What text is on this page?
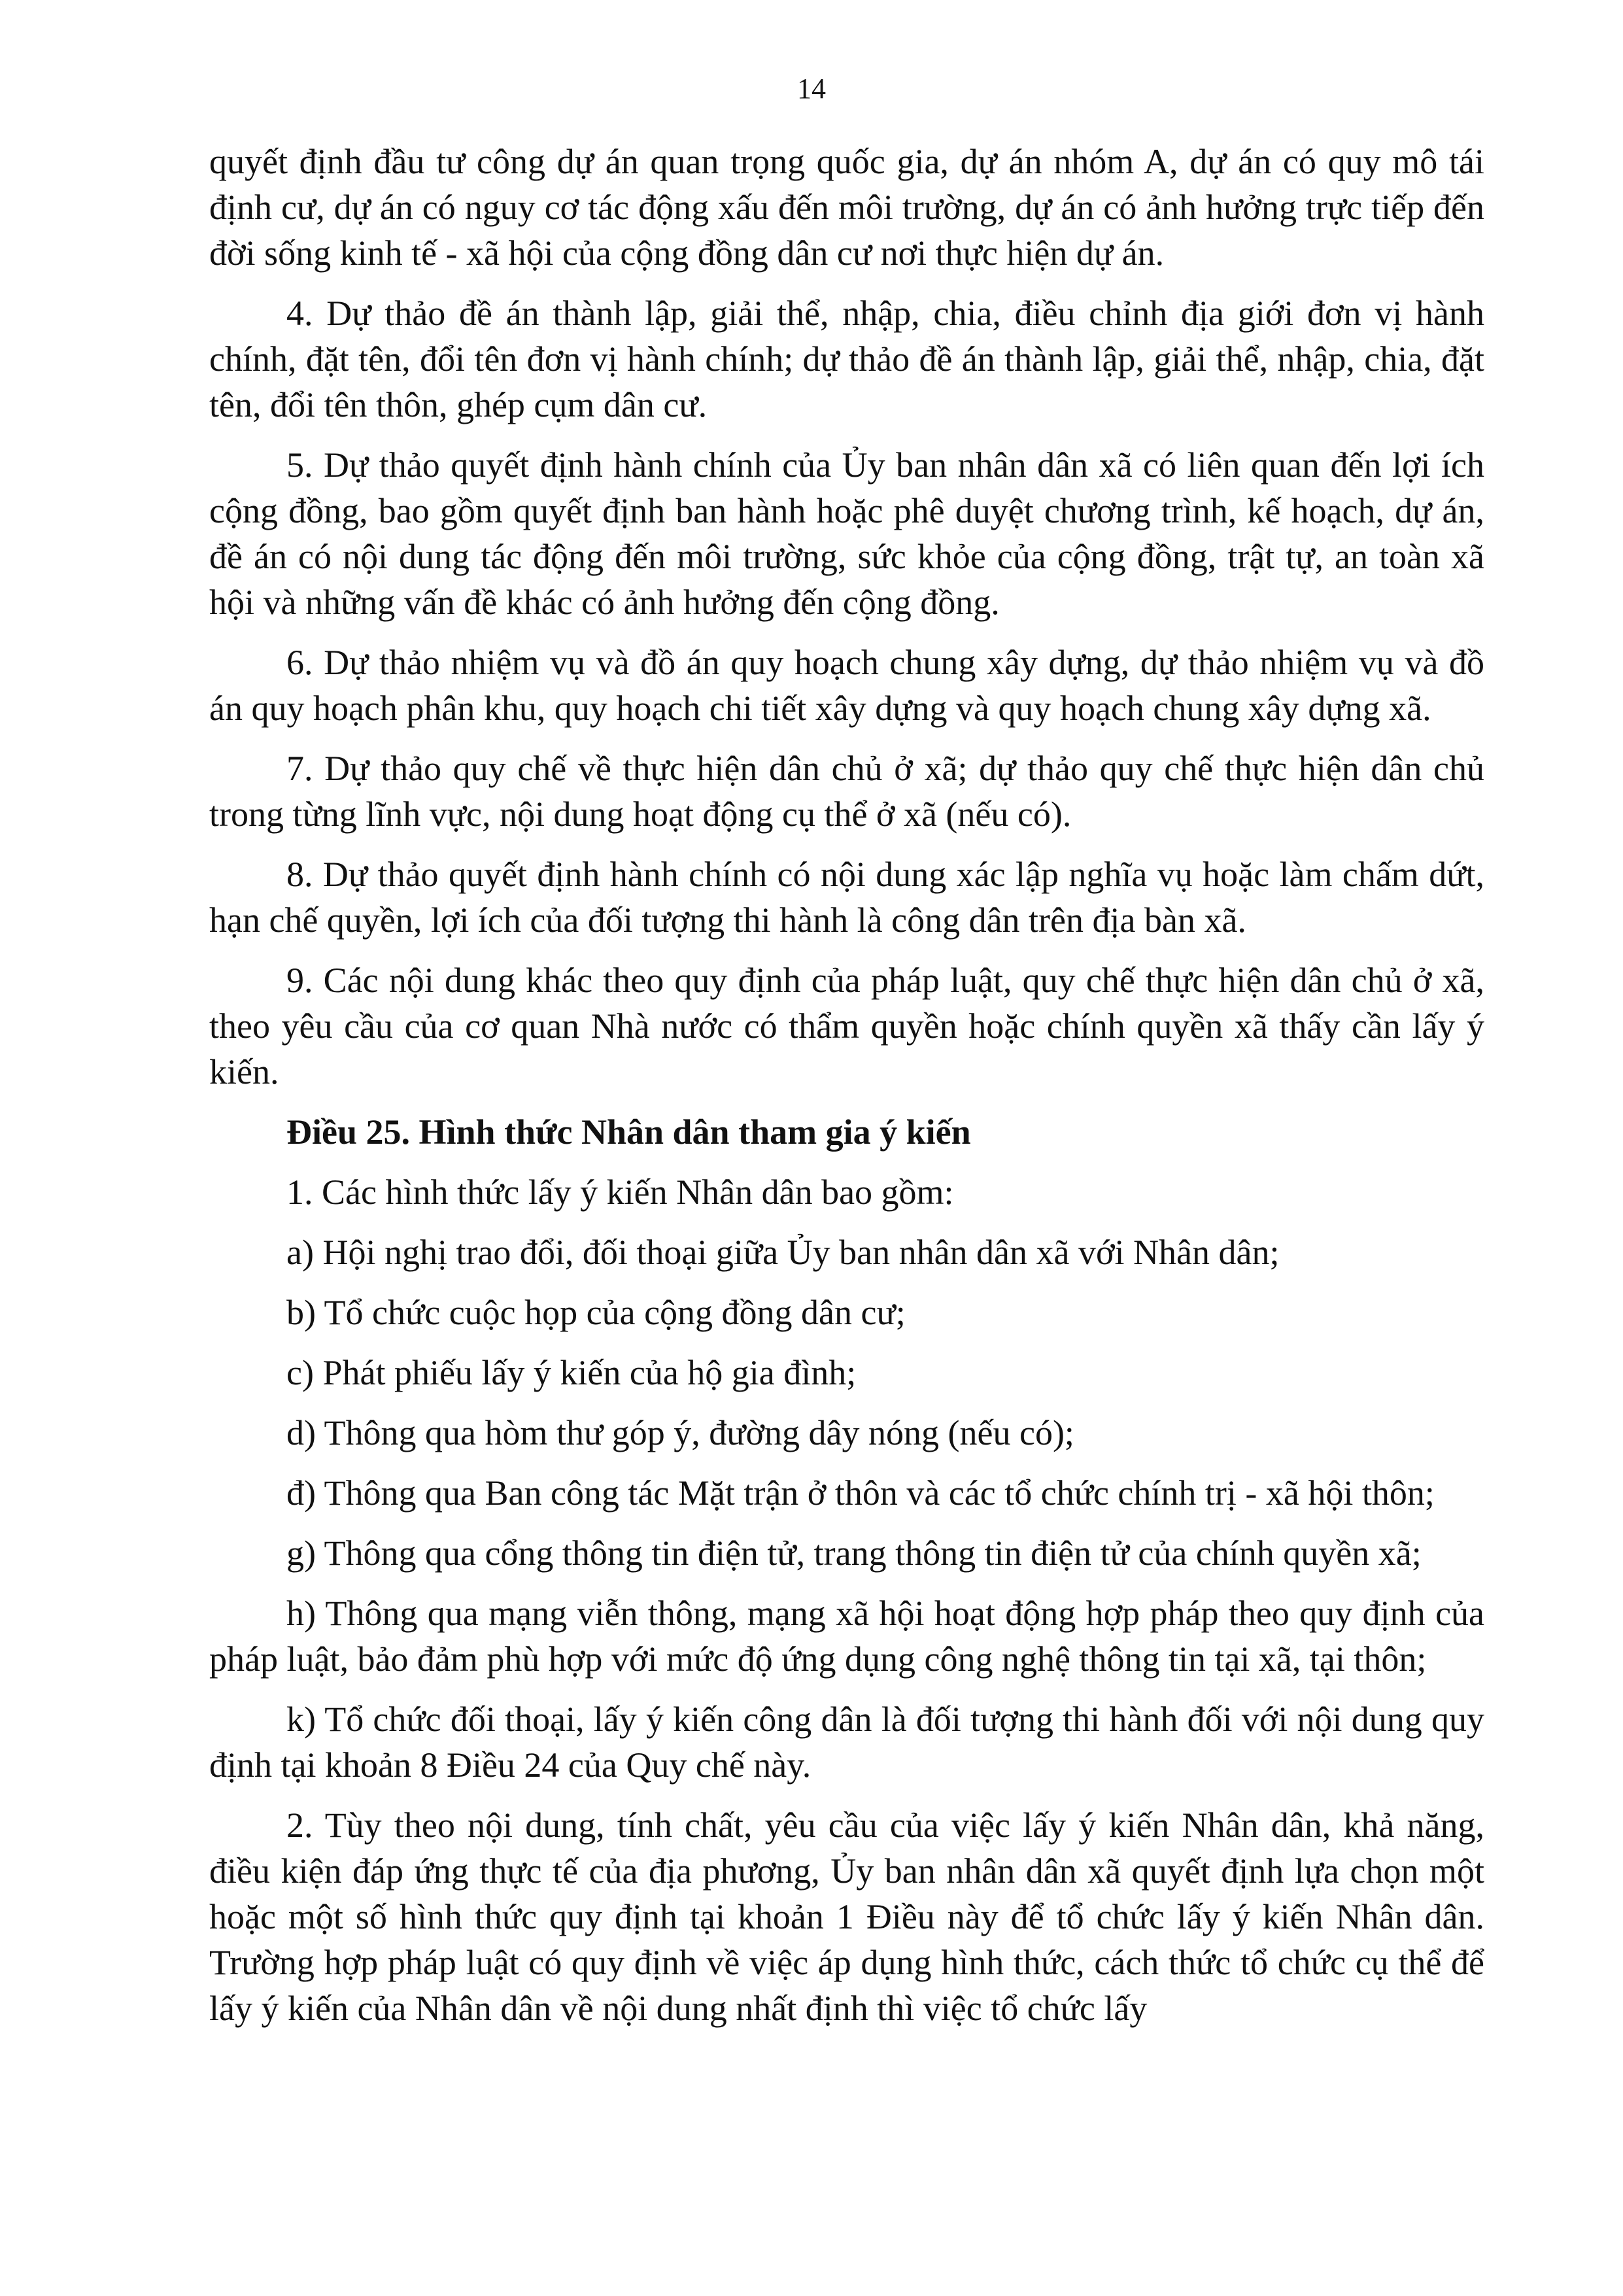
14

quyết định đầu tư công dự án quan trọng quốc gia, dự án nhóm A, dự án có quy mô tái định cư, dự án có nguy cơ tác động xấu đến môi trường, dự án có ảnh hưởng trực tiếp đến đời sống kinh tế - xã hội của cộng đồng dân cư nơi thực hiện dự án.

4. Dự thảo đề án thành lập, giải thể, nhập, chia, điều chỉnh địa giới đơn vị hành chính, đặt tên, đổi tên đơn vị hành chính; dự thảo đề án thành lập, giải thể, nhập, chia, đặt tên, đổi tên thôn, ghép cụm dân cư.

5. Dự thảo quyết định hành chính của Ủy ban nhân dân xã có liên quan đến lợi ích cộng đồng, bao gồm quyết định ban hành hoặc phê duyệt chương trình, kế hoạch, dự án, đề án có nội dung tác động đến môi trường, sức khỏe của cộng đồng, trật tự, an toàn xã hội và những vấn đề khác có ảnh hưởng đến cộng đồng.

6. Dự thảo nhiệm vụ và đồ án quy hoạch chung xây dựng, dự thảo nhiệm vụ và đồ án quy hoạch phân khu, quy hoạch chi tiết xây dựng và quy hoạch chung xây dựng xã.

7. Dự thảo quy chế về thực hiện dân chủ ở xã; dự thảo quy chế thực hiện dân chủ trong từng lĩnh vực, nội dung hoạt động cụ thể ở xã (nếu có).

8. Dự thảo quyết định hành chính có nội dung xác lập nghĩa vụ hoặc làm chấm dứt, hạn chế quyền, lợi ích của đối tượng thi hành là công dân trên địa bàn xã.

9. Các nội dung khác theo quy định của pháp luật, quy chế thực hiện dân chủ ở xã, theo yêu cầu của cơ quan Nhà nước có thẩm quyền hoặc chính quyền xã thấy cần lấy ý kiến.

Điều 25. Hình thức Nhân dân tham gia ý kiến

1. Các hình thức lấy ý kiến Nhân dân bao gồm:

a) Hội nghị trao đổi, đối thoại giữa Ủy ban nhân dân xã với Nhân dân;

b) Tổ chức cuộc họp của cộng đồng dân cư;

c) Phát phiếu lấy ý kiến của hộ gia đình;

d) Thông qua hòm thư góp ý, đường dây nóng (nếu có);

đ) Thông qua Ban công tác Mặt trận ở thôn và các tổ chức chính trị - xã hội thôn;

g) Thông qua cổng thông tin điện tử, trang thông tin điện tử của chính quyền xã;

h) Thông qua mạng viễn thông, mạng xã hội hoạt động hợp pháp theo quy định của pháp luật, bảo đảm phù hợp với mức độ ứng dụng công nghệ thông tin tại xã, tại thôn;

k) Tổ chức đối thoại, lấy ý kiến công dân là đối tượng thi hành đối với nội dung quy định tại khoản 8 Điều 24 của Quy chế này.

2. Tùy theo nội dung, tính chất, yêu cầu của việc lấy ý kiến Nhân dân, khả năng, điều kiện đáp ứng thực tế của địa phương, Ủy ban nhân dân xã quyết định lựa chọn một hoặc một số hình thức quy định tại khoản 1 Điều này để tổ chức lấy ý kiến Nhân dân. Trường hợp pháp luật có quy định về việc áp dụng hình thức, cách thức tổ chức cụ thể để lấy ý kiến của Nhân dân về nội dung nhất định thì việc tổ chức lấy
